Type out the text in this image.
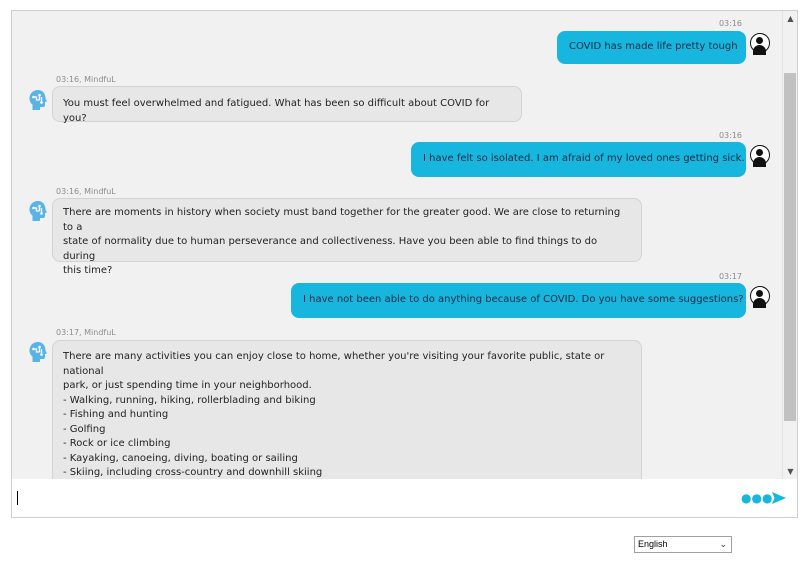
03:16
COVID has made life pretty tough
03:16, MindfuL
You must feel overwhelmed and fatigued. What has been so difficult about COVID for you?
03:16
I have felt so isolated. I am afraid of my loved ones getting sick.
03:16, MindfuL
There are moments in history when society must band together for the greater good. We are close to returning to a
state of normality due to human perseverance and collectiveness. Have you been able to find things to do during
this time?
03:17
I have not been able to do anything because of COVID. Do you have some suggestions?
03:17, MindfuL
There are many activities you can enjoy close to home, whether you're visiting your favorite public, state or national
park, or just spending time in your neighborhood.
- Walking, running, hiking, rollerblading and biking
- Fishing and hunting
- Golfing
- Rock or ice climbing
- Kayaking, canoeing, diving, boating or sailing
- Skiing, including cross-country and downhill skiing

▲
▼
●●●
English	⌄
